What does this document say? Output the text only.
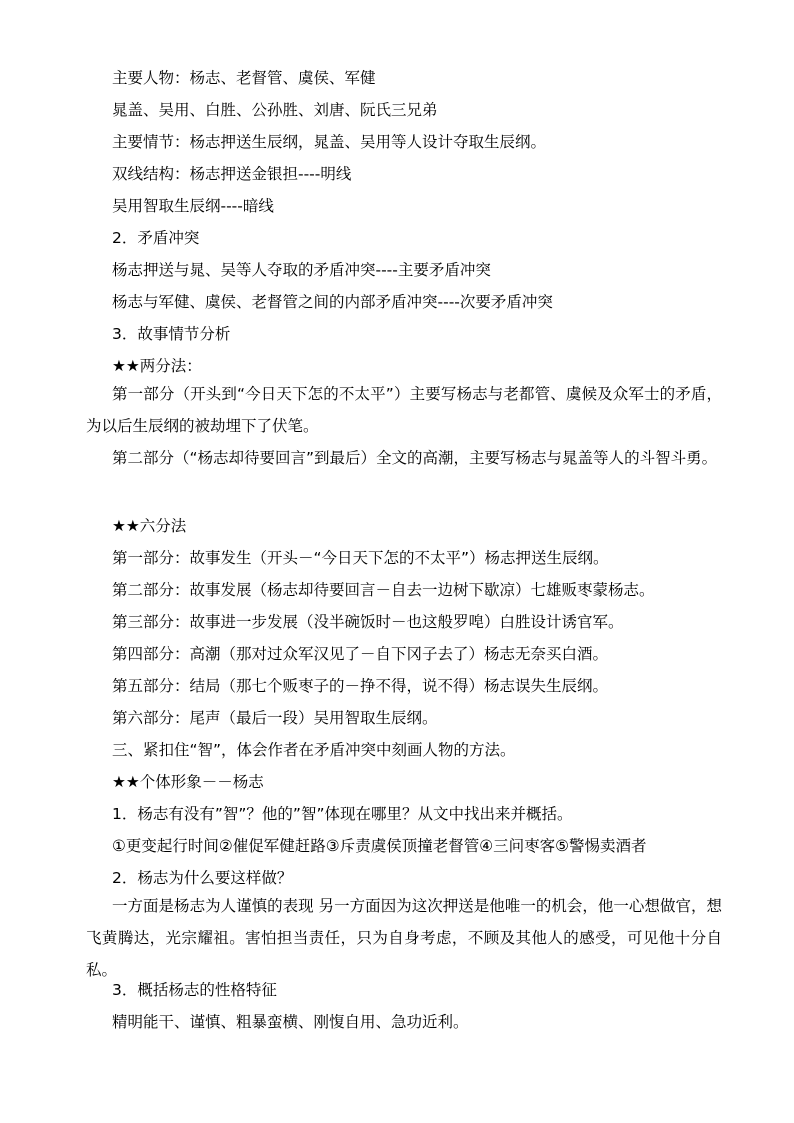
主要人物：杨志、老督管、虞侯、军健
晁盖、吴用、白胜、公孙胜、刘唐、阮氏三兄弟
主要情节：杨志押送生辰纲，晁盖、吴用等人设计夺取生辰纲。
双线结构：杨志押送金银担----明线
吴用智取生辰纲----暗线
2．矛盾冲突
杨志押送与晁、吴等人夺取的矛盾冲突----主要矛盾冲突
杨志与军健、虞侯、老督管之间的内部矛盾冲突----次要矛盾冲突
3．故事情节分析
★★两分法：
第一部分（开头到“今日天下怎的不太平”）主要写杨志与老都管、虞候及众军士的矛盾，为以后生辰纲的被劫埋下了伏笔。
第二部分（“杨志却待要回言”到最后）全文的高潮，主要写杨志与晁盖等人的斗智斗勇。
★★六分法
第一部分：故事发生（开头－“今日天下怎的不太平”）杨志押送生辰纲。
第二部分：故事发展（杨志却待要回言－自去一边树下歇凉）七雄贩枣蒙杨志。
第三部分：故事进一步发展（没半碗饭时－也这般罗唣）白胜设计诱官军。
第四部分：高潮（那对过众军汉见了－自下冈子去了）杨志无奈买白酒。
第五部分：结局（那七个贩枣子的－挣不得，说不得）杨志误失生辰纲。
第六部分：尾声（最后一段）吴用智取生辰纲。
三、紧扣住“智”，体会作者在矛盾冲突中刻画人物的方法。
★★个体形象－－杨志
1．杨志有没有”智”？他的”智”体现在哪里？从文中找出来并概括。
①更变起行时间②催促军健赶路③斥责虞侯顶撞老督管④三问枣客⑤警惕卖酒者
2．杨志为什么要这样做？
一方面是杨志为人谨慎的表现 另一方面因为这次押送是他唯一的机会，他一心想做官，想飞黄腾达，光宗耀祖。害怕担当责任，只为自身考虑，不顾及其他人的感受，可见他十分自私。
3．概括杨志的性格特征
精明能干、谨慎、粗暴蛮横、刚愎自用、急功近利。
